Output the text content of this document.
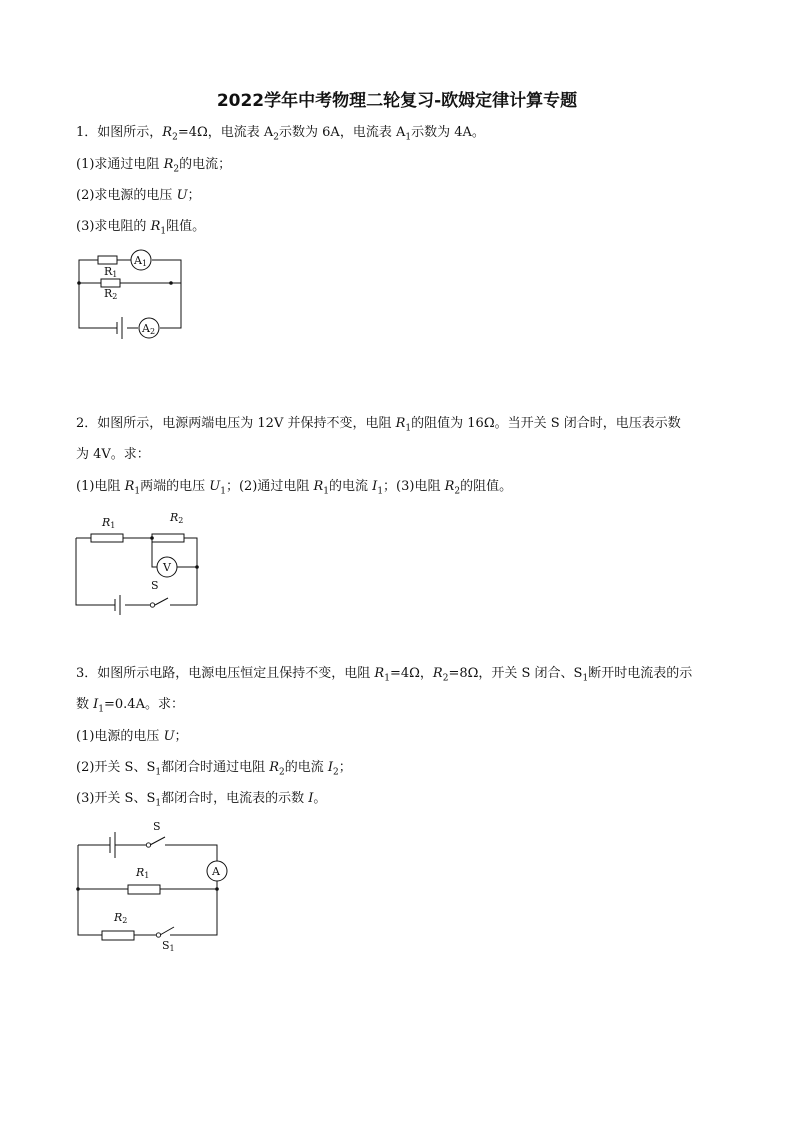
2022学年中考物理二轮复习-欧姆定律计算专题
1．如图所示，$R_2=4\Omega$，电流表 $A_2$示数为 6A，电流表 $A_1$示数为 4A。
(1)求通过电阻 $R_2$的电流；
(2)求电源的电压 U；
(3)求电阻的 $R_1$阻值。
R1
R2
A1
A2
2．如图所示，电源两端电压为 12V 并保持不变，电阻 $R_1$的阻值为 16Ω。当开关 S 闭合时，电压表示数
为 4V。求：
(1)电阻 $R_1$两端的电压 $U_1$；(2)通过电阻 $R_1$的电流 $I_1$；(3)电阻 $R_2$的阻值。
R1
R2
V
S
3．如图所示电路，电源电压恒定且保持不变，电阻 $R_1=4\Omega$，$R_2=8\Omega$，开关 S 闭合、$S_1$断开时电流表的示
数 $I_1=0.4A$。求：
(1)电源的电压 U；
(2)开关 S、$S_1$都闭合时通过电阻 $R_2$的电流 $I_2$；
(3)开关 S、$S_1$都闭合时，电流表的示数 I。
S
A
R1
R2
S1
